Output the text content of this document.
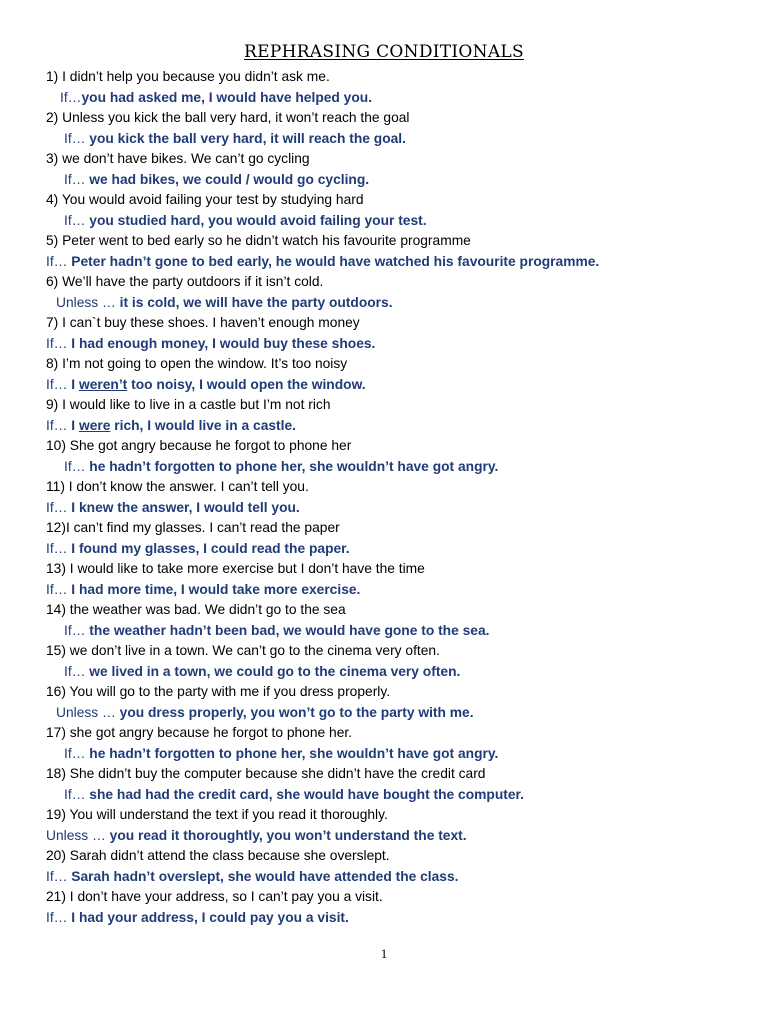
REPHRASING CONDITIONALS
1) I didn’t help you because you didn’t ask me.
If…you had asked me, I would have helped you.
2) Unless you kick the ball very hard, it won’t reach the goal
If… you kick the ball very hard, it will reach the goal.
3) we don’t have bikes. We can’t go cycling
If… we had bikes, we could / would go cycling.
4) You would avoid failing your test by studying hard
If… you studied hard, you would avoid failing your test.
5) Peter went to bed early so he didn’t watch his favourite programme
If… Peter hadn’t gone to bed early, he would have watched his favourite programme.
6) We’ll have the party outdoors if it isn’t cold.
Unless … it is cold, we will have the party outdoors.
7) I can`t buy these shoes. I haven’t enough money
If… I had enough money, I would buy these shoes.
8) I’m not going to open the window. It’s too noisy
If… I weren’t too noisy, I would open the window.
9) I would like to live in a castle but I’m not rich
If… I were rich, I would live in a castle.
10) She got angry because he forgot to phone her
If… he hadn’t forgotten to phone her, she wouldn’t have got angry.
11) I don’t know the answer. I can’t tell you.
If… I knew the answer, I would tell you.
12)I can’t find my glasses. I can’t read the paper
If… I found my glasses, I could read the paper.
13) I would like to take more exercise but I don’t have the time
If… I had more time, I would take more exercise.
14) the weather was bad. We didn’t go to the sea
If… the weather hadn’t been bad, we would have gone to the sea.
15) we don’t live in a town. We can’t go to the cinema very often.
If… we lived in a town, we could go to the cinema very often.
16) You will go to the party with me if you dress properly.
Unless … you dress properly, you won’t go to the party with me.
17) she got angry because he forgot to phone her.
If… he hadn’t forgotten to phone her, she wouldn’t have got angry.
18) She didn’t buy the computer because she didn’t have the credit card
If… she had had the credit card, she would have bought the computer.
19) You will understand the text if you read it thoroughly.
Unless … you read it thoroughtly, you won’t understand the text.
20) Sarah didn’t attend the class because she overslept.
If… Sarah hadn’t overslept, she would have attended the class.
21) I don’t have your address, so I can’t pay you a visit.
If… I had your address, I could pay you a visit.
1
